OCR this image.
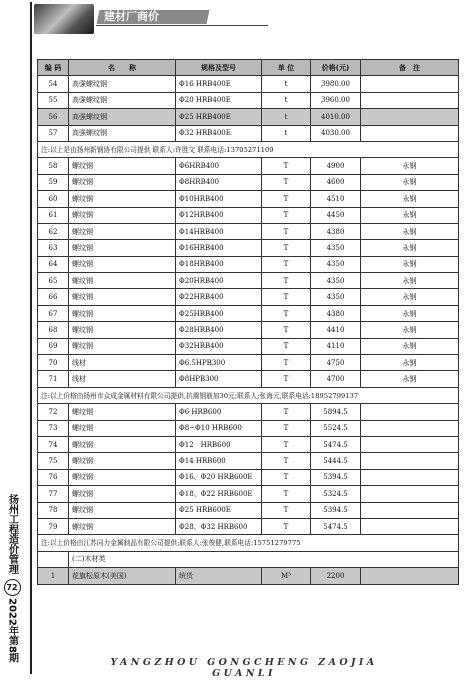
建材厂商价
扬州工程造价管理
72
2022年第8期
编 码	名　　称	规格及型号	单 位	价格(元)	备　注
54	高强螺纹钢	Φ16 HRB400E	t	3980.00	
55	高强螺纹钢	Φ20 HRB400E	t	3960.00	
56	高强螺纹钢	Φ25 HRB400E	t	4010.00	
57	高强螺纹钢	Φ32 HRB400E	t	4030.00	
注:以上是由扬州新钢协有限公司提供 联系人:许胜文 联系电话:13705271109					
58	螺纹钢	Φ6HRB400	T	4900	永钢
59	螺纹钢	Φ8HRB400	T	4600	永钢
60	螺纹钢	Φ10HRB400	T	4510	永钢
61	螺纹钢	Φ12HRB400	T	4450	永钢
62	螺纹钢	Φ14HRB400	T	4380	永钢
63	螺纹钢	Φ16HRB400	T	4350	永钢
64	螺纹钢	Φ18HRB400	T	4350	永钢
65	螺纹钢	Φ20HRB400	T	4350	永钢
66	螺纹钢	Φ22HRB400	T	4350	永钢
67	螺纹钢	Φ25HRB400	T	4380	永钢
68	螺纹钢	Φ28HRB400	T	4410	永钢
69	螺纹钢	Φ32HRB400	T	4110	永钢
70	线材	Φ6.5HPB300	T	4750	永钢
71	线材	Φ8HPB300	T	4700	永钢
注:以上价格由扬州市众成金属材料有限公司提供,抗震钢筋加30元;联系人:张海元,联系电话:18952799137					
72	螺纹钢	Φ6 HRB600	T	5894.5	
73	螺纹钢	Φ8~Φ10 HRB600	T	5524.5	
74	螺纹钢	Φ12　HRB600	T	5474.5	
75	螺纹钢	Φ14 HRB600	T	5444.5	
76	螺纹钢	Φ16、Φ20 HRB600E	T	5394.5	
77	螺纹钢	Φ18、Φ22 HRB600E	T	5324.5	
78	螺纹钢	Φ25 HRB600E	T	5394.5	
79	螺纹钢	Φ28、Φ32 HRB600	T	5474.5	
注:以上价格由江苏同力金属制品有限公司提供;联系人:张俊健,联系电话:15751279775					
	(二)木材类				
1	花旗松原木(美国)	统货	M³	2200	
YANGZHOU GONGCHENG ZAOJIA GUANLI
